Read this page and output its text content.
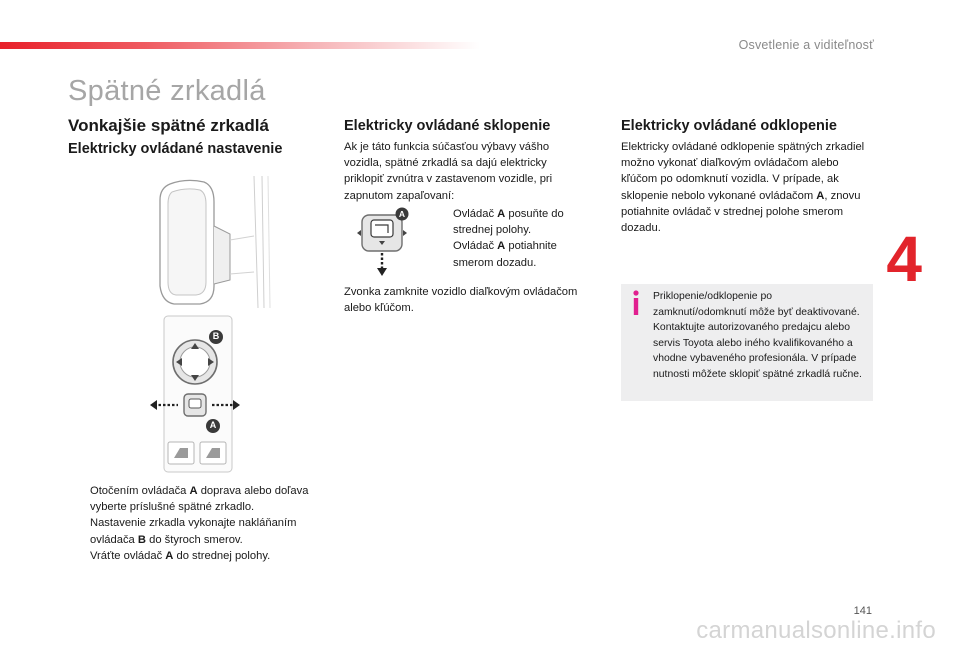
Osvetlenie a viditeľnosť
Spätné zrkadlá
4
Vonkajšie spätné zrkadlá
Elektricky ovládané nastavenie
B
A
Otočením ovládača A doprava alebo doľava vyberte príslušné spätné zrkadlo.
Nastavenie zrkadla vykonajte nakláňaním ovládača B do štyroch smerov.
Vráťte ovládač A do strednej polohy.
Elektricky ovládané sklopenie

Ak je táto funkcia súčasťou výbavy vášho vozidla, spätné zrkadlá sa dajú elektricky priklopiť zvnútra v zastavenom vozidle, pri zapnutom zapaľovaní:

A	Ovládač A posuňte do strednej polohy.
Ovládač A potiahnite smerom dozadu.

Zvonka zamknite vozidlo diaľkovým ovládačom alebo kľúčom.

Elektricky ovládané odklopenie

Elektricky ovládané odklopenie spätných zrkadiel možno vykonať diaľkovým ovládačom alebo kľúčom po odomknutí vozidla. V prípade, ak sklopenie nebolo vykonané ovládačom A, znovu potiahnite ovládač v strednej polohe smerom dozadu.

Priklopenie/odklopenie po zamknutí/odomknutí môže byť deaktivované. Kontaktujte autorizovaného predajcu alebo servis Toyota alebo iného kvalifikovaného a vhodne vybaveného profesionála. V prípade nutnosti môžete sklopiť spätné zrkadlá ručne.

141
carmanualsonline.info
